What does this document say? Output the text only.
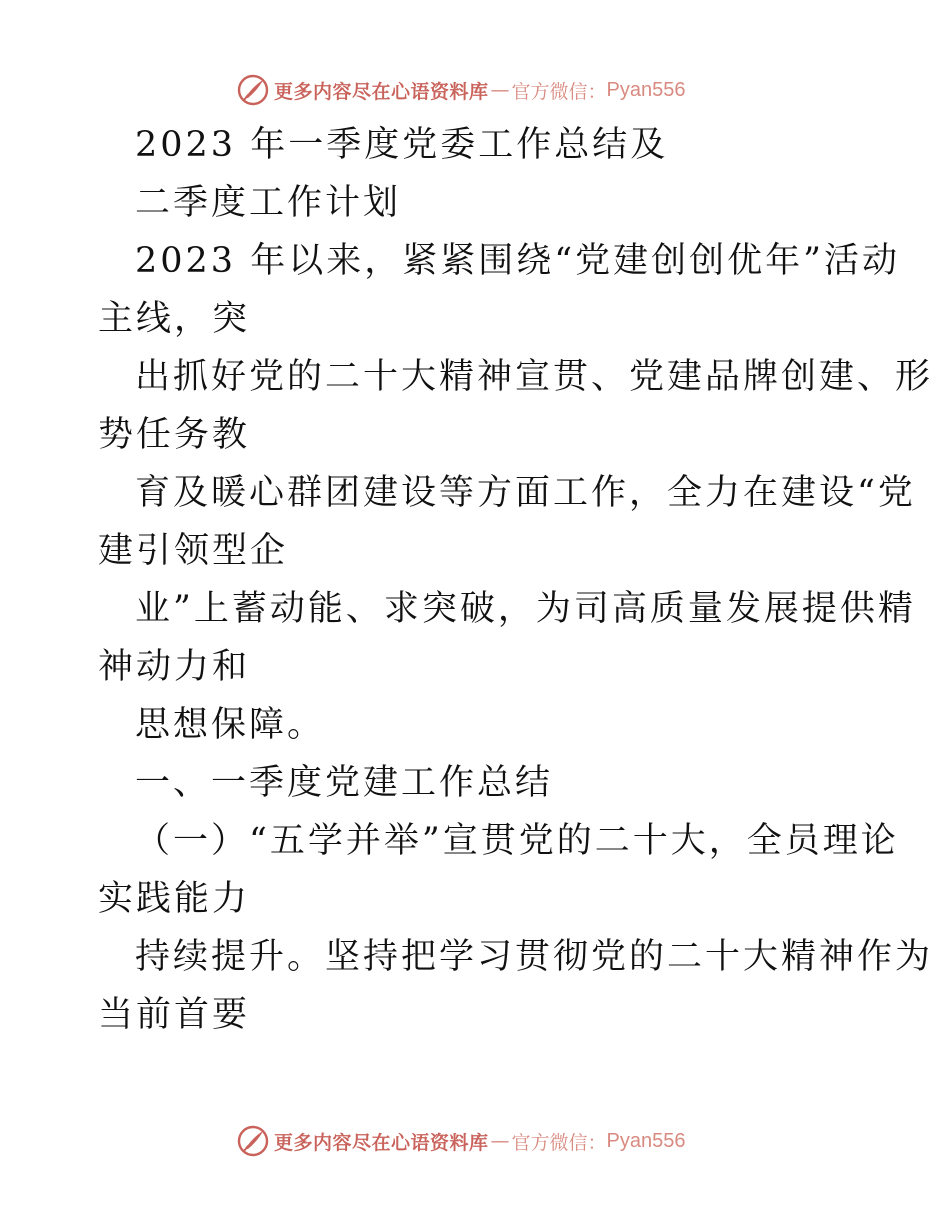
更多内容尽在心语资料库 — 官方微信： Pyan556
2023 年一季度党委工作总结及
二季度工作计划
2023 年以来，紧紧围绕“党建创创优年”活动
主线，突
出抓好党的二十大精神宣贯、党建品牌创建、形
势任务教
育及暖心群团建设等方面工作，全力在建设“党
建引领型企
业”上蓄动能、求突破，为司高质量发展提供精
神动力和
思想保障。
一、一季度党建工作总结
（一）“五学并举”宣贯党的二十大，全员理论
实践能力
持续提升。坚持把学习贯彻党的二十大精神作为
当前首要
更多内容尽在心语资料库 — 官方微信： Pyan556
